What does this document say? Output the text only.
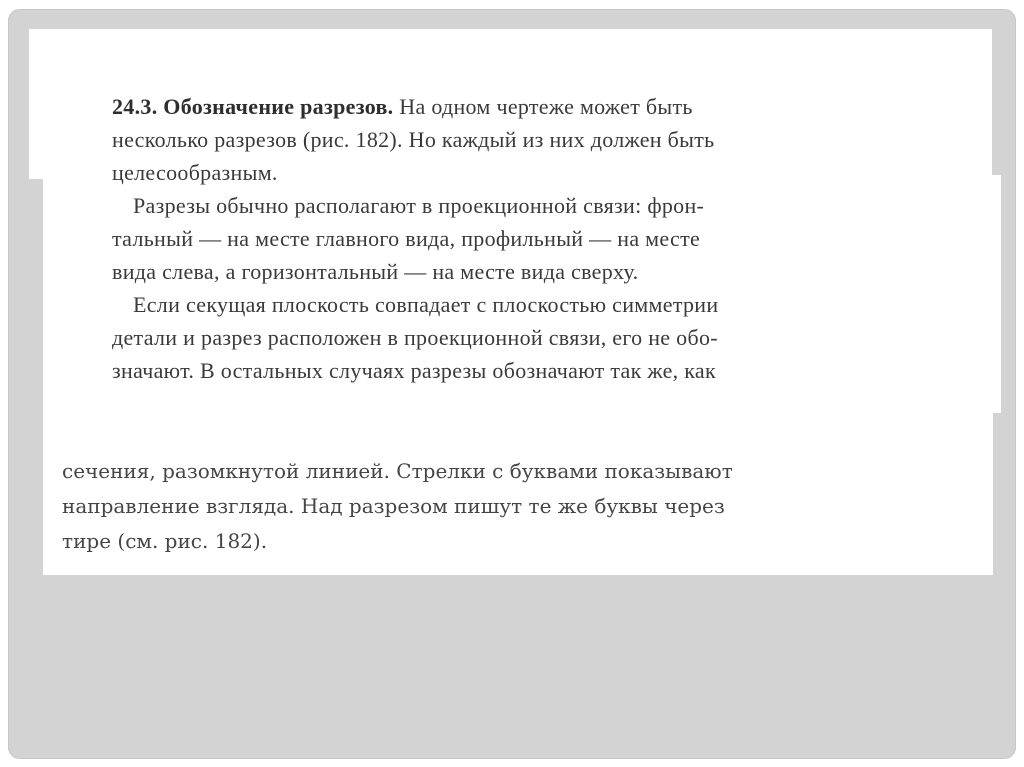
24.3. Обозначение разрезов. На одном чертеже может быть
несколько разрезов (рис. 182). Но каждый из них должен быть
целесообразным.
Разрезы обычно располагают в проекционной связи: фрон-
тальный — на месте главного вида, профильный — на месте
вида слева, а горизонтальный — на месте вида сверху.
Если секущая плоскость совпадает с плоскостью симметрии
детали и разрез расположен в проекционной связи, его не обо-
значают. В остальных случаях разрезы обозначают так же, как
сечения, разомкнутой линией. Стрелки с буквами показывают
направление взгляда. Над разрезом пишут те же буквы через
тире (см. рис. 182).
